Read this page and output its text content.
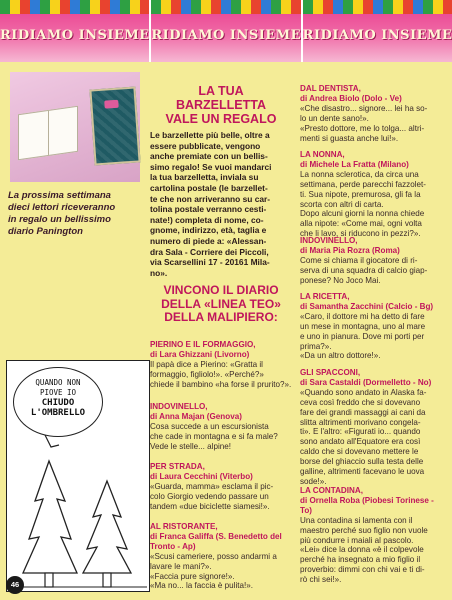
RIDIAMO INSIEME RIDIAMO INSIEME RIDIAMO INSIEME
La prossima settimana
dieci lettori riceveranno
in regalo un bellissimo
diario Panington
LA TUA
BARZELLETTA
VALE UN REGALO

Le barzellette più belle, oltre a

essere pubblicate, vengono

anche premiate con un bellis-

simo regalo! Se vuoi mandarci

la tua barzelletta, inviala su

cartolina postale (le barzellet-

te che non arriveranno su car-

tolina postale verranno cesti-

nate!) completa di nome, co-

gnome, indirizzo, età, taglia e

numero di piede a: «Alessan-

dra Sala - Corriere dei Piccoli,

via Scarsellini 17 - 20161 Mila-

no».

VINCONO IL DIARIO
DELLA «LINEA TEO»
DELLA MALIPIERO:
PIERINO E IL FORMAGGIO,
di Lara Ghizzani (Livorno)
Il papà dice a Pierino: «Gratta il
formaggio, figliolo!». «Perché?»
chiede il bambino «ha forse il prurito?».
INDOVINELLO,
di Anna Majan (Genova)
Cosa succede a un escursionista
che cade in montagna e si fa male?
Vede le stelle... alpine!
PER STRADA,
di Laura Cecchini (Viterbo)
«Guarda, mamma» esclama il pic-
colo Giorgio vedendo passare un
tandem «due biciclette siamesi!».
AL RISTORANTE,
di Franca Galiffa (S. Benedetto del Tronto - Ap)
«Scusi cameriere, posso andarmi a
lavare le mani?».
«Faccia pure signore!».
«Ma no... la faccia è pulita!».
DAL DENTISTA,
di Andrea Biolo (Dolo - Ve)
«Che disastro... signore... lei ha so-
lo un dente sano!».
«Presto dottore, me lo tolga... altri-
menti si guasta anche lui!».
LA NONNA,
di Michele La Fratta (Milano)
La nonna sclerotica, da circa una
settimana, perde parecchi fazzolet-
ti. Sua nipote, premurosa, gli fa la
scorta con altri di carta.
Dopo alcuni giorni la nonna chiede
alla nipote: «Come mai, ogni volta
che li lavo, si riducono in pezzi?».
INDOVINELLO,
di Maria Pia Rozra (Roma)
Come si chiama il giocatore di ri-
serva di una squadra di calcio giap-
ponese? No Joco Mai.
LA RICETTA,
di Samantha Zacchini (Calcio - Bg)
«Caro, il dottore mi ha detto di fare
un mese in montagna, uno al mare
e uno in pianura. Dove mi porti per
prima?».
«Da un altro dottore!».
GLI SPACCONI,
di Sara Castaldi (Dormelletto - No)
«Quando sono andato in Alaska fa-
ceva così freddo che si dovevano
fare dei grandi massaggi ai cani da
slitta altrimenti morivano congela-
ti». E l'altro: «Figurati io... quando
sono andato all'Equatore era così
caldo che si dovevano mettere le
borse del ghiaccio sulla testa delle
galline, altrimenti facevano le uova
sode!».
LA CONTADINA,
di Ornella Roba (Piobesi Torinese - To)
Una contadina si lamenta con il
maestro perché suo figlio non vuole
più condurre i maiali al pascolo.
«Lei» dice la donna «è il colpevole
perché ha insegnato a mio figlio il
proverbio: dimmi con chi vai e ti di-
rò chi sei!».
QUANDO NON
PIOVE IO
CHIUDO
L'OMBRELLO
46
